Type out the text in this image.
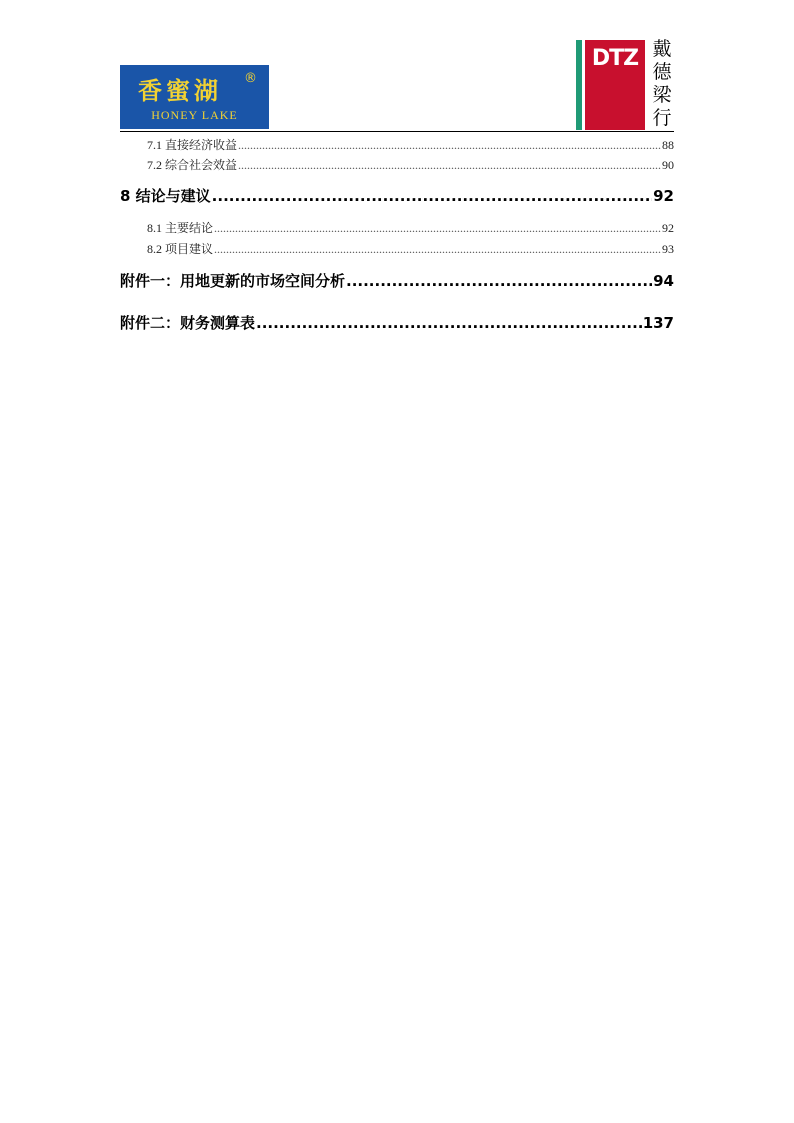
香蜜湖 ®
HONEY LAKE
DTZ 戴
德
梁
行
7.1 直接经济收益 .....	88
7.2 综合社会效益 .....	90
8 结论与建议 .....	92
8.1 主要结论 .....	92
8.2 项目建议 .....	93
附件一：用地更新的市场空间分析 .....	94
附件二：财务测算表 .....	137
